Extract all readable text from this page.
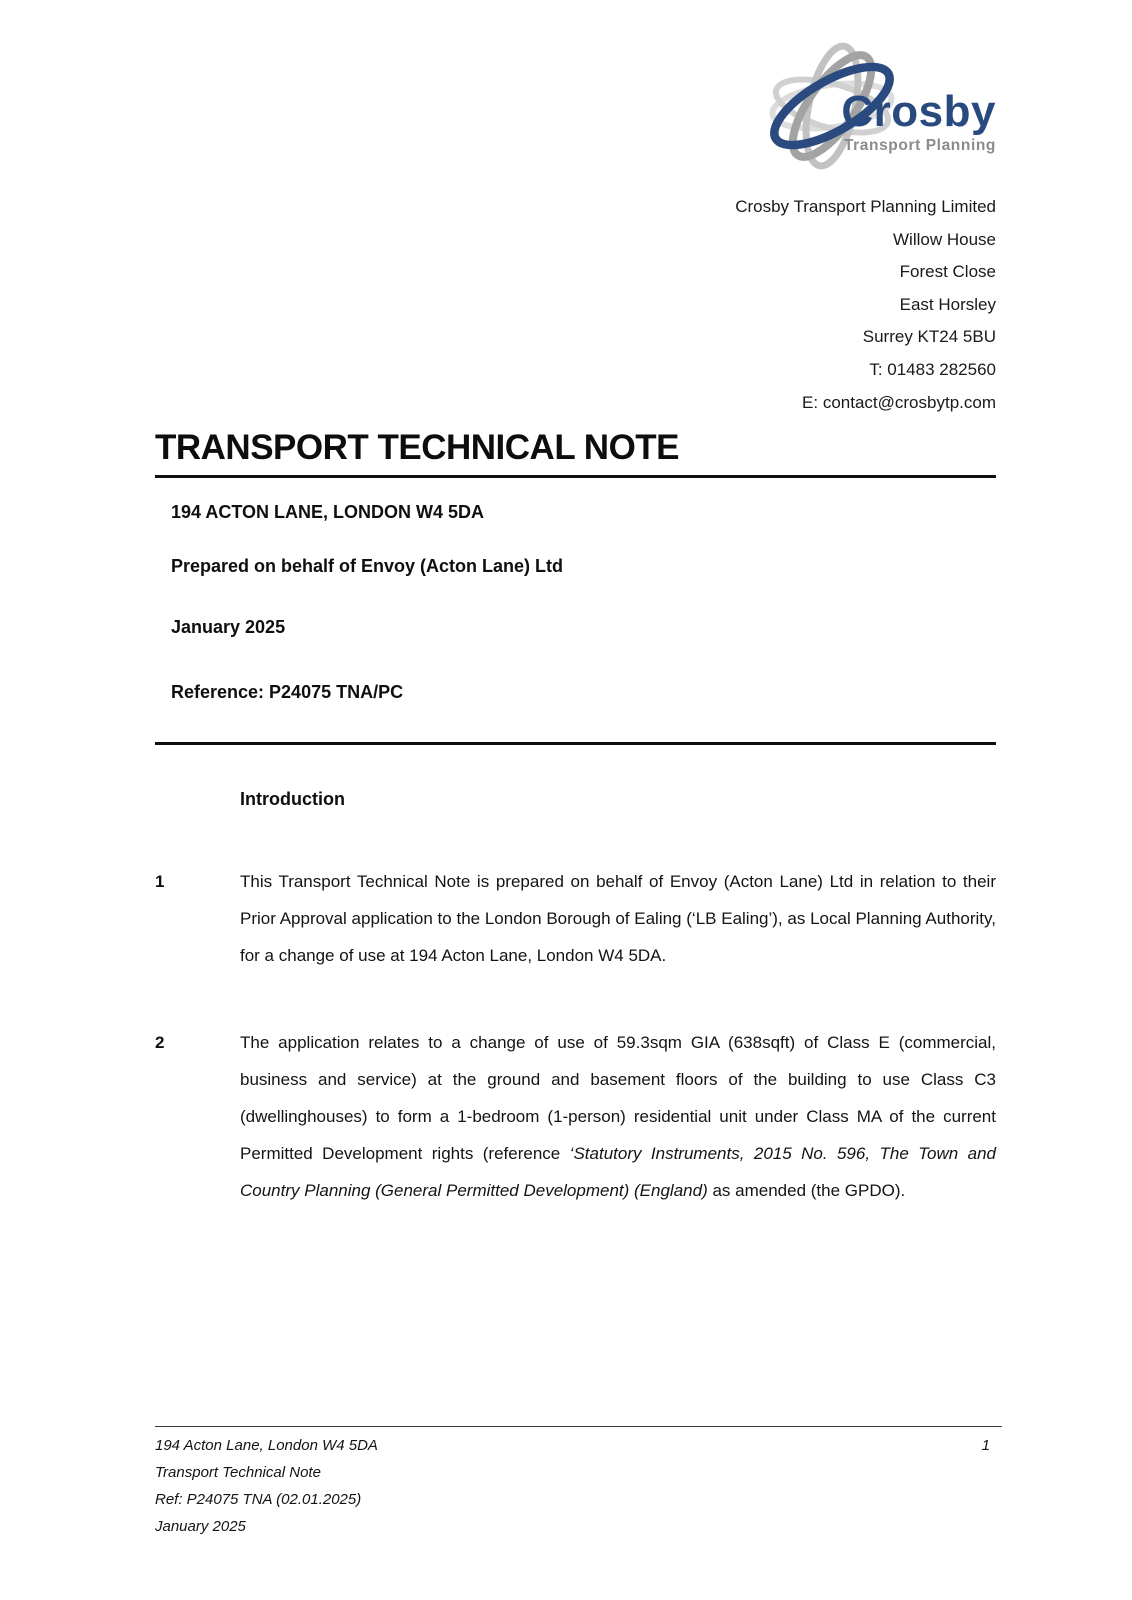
Crosby
Transport Planning
Crosby Transport Planning Limited
Willow House
Forest Close
East Horsley
Surrey KT24 5BU
T: 01483 282560
E: contact@crosbytp.com
TRANSPORT TECHNICAL NOTE
194 ACTON LANE, LONDON W4 5DA
Prepared on behalf of Envoy (Acton Lane) Ltd
January 2025
Reference: P24075 TNA/PC
Introduction
1	This Transport Technical Note is prepared on behalf of Envoy (Acton Lane) Ltd in relation to their Prior Approval application to the London Borough of Ealing (‘LB Ealing’), as Local Planning Authority, for a change of use at 194 Acton Lane, London W4 5DA.
2	The application relates to a change of use of 59.3sqm GIA (638sqft) of Class E (commercial, business and service) at the ground and basement floors of the building to use Class C3 (dwellinghouses) to form a 1-bedroom (1-person) residential unit under Class MA of the current Permitted Development rights (reference ‘Statutory Instruments, 2015 No. 596, The Town and Country Planning (General Permitted Development) (England) as amended (the GPDO).
194 Acton Lane, London W4 5DA
Transport Technical Note
Ref: P24075 TNA (02.01.2025)
January 2025
1
